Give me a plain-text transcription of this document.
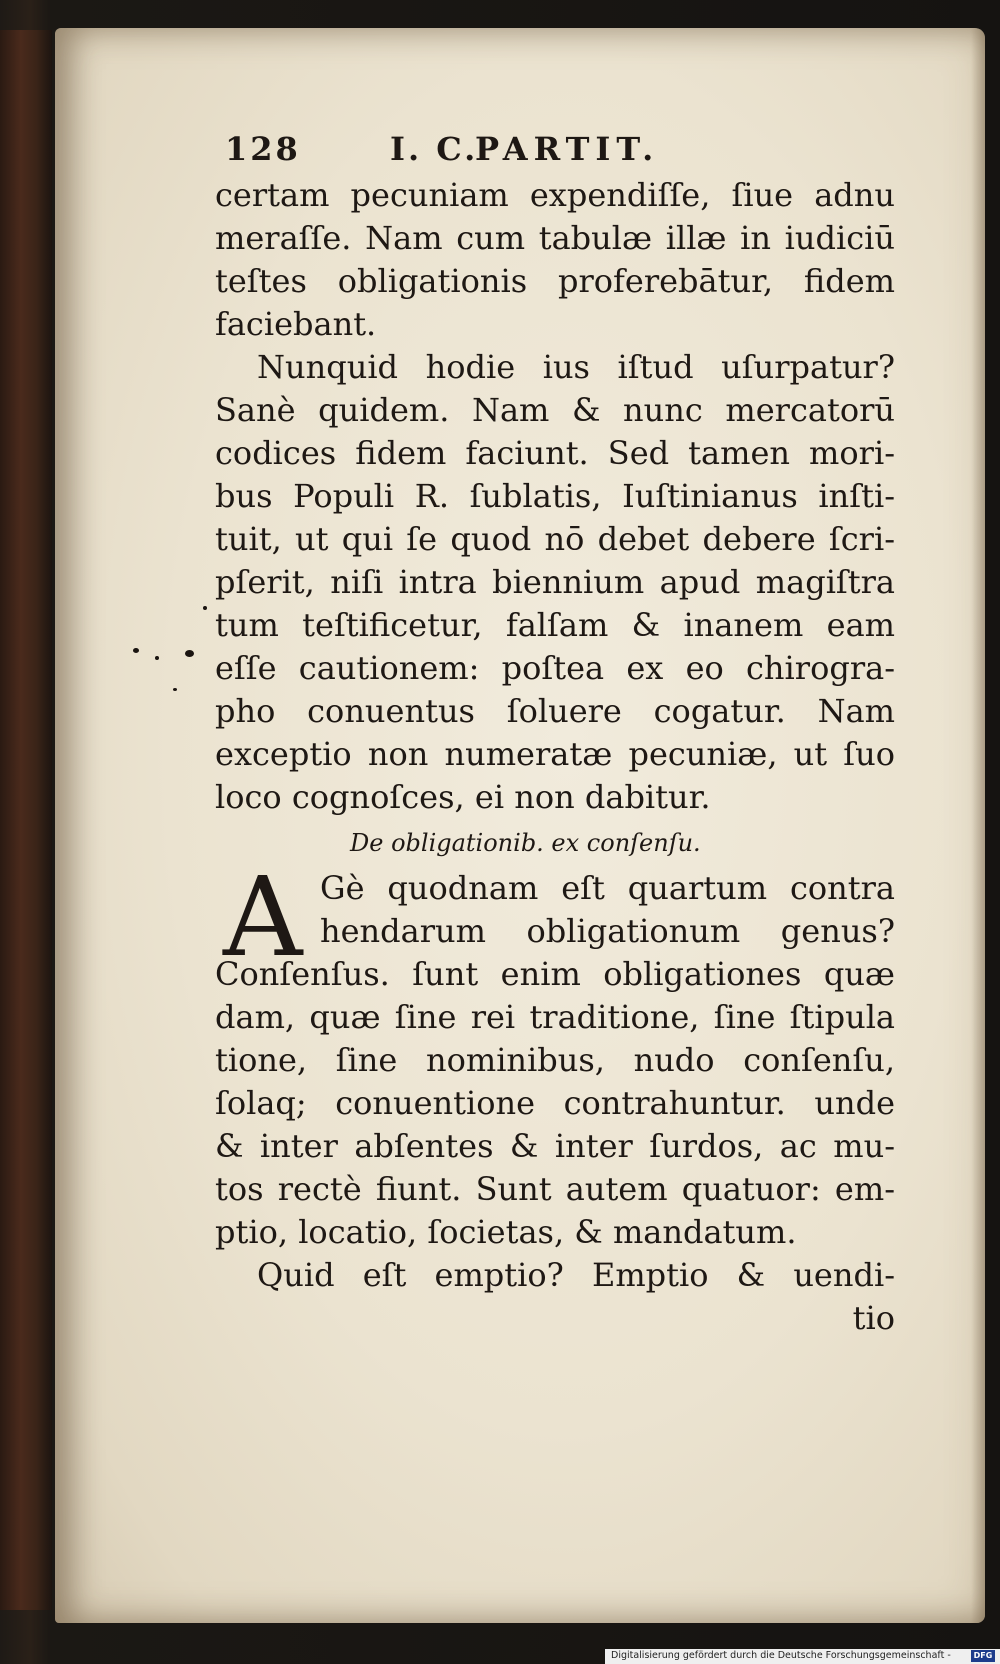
128	I. C.
PARTIT.
certam pecuniam expendiſſe, ſiue adnu
meraſſe. Nam cum tabulæ illæ in iudiciū
teſtes obligationis proferebātur, fidem
faciebant.
Nunquid hodie ius iſtud uſurpatur?
Sanè quidem. Nam & nunc mercatorū
codices fidem faciunt. Sed tamen mori-
bus Populi R. ſublatis, Iuſtinianus inſti-
tuit, ut qui ſe quod nō debet debere ſcri-
pſerit, niſi intra biennium apud magiſtra
tum teſtificetur, falſam & inanem eam
eſſe cautionem: poſtea ex eo chirogra-
pho conuentus ſoluere cogatur. Nam
exceptio non numeratæ pecuniæ, ut ſuo
loco cognoſces, ei non dabitur.
De obligationib. ex conſenſu.
A Gè quodnam eſt quartum contra
hendarum obligationum genus?
Conſenſus. ſunt enim obligationes quæ
dam, quæ ſine rei traditione, ſine ſtipula
tione, ſine nominibus, nudo conſenſu,
ſolaq; conuentione contrahuntur. unde
& inter abſentes & inter ſurdos, ac mu-
tos rectè fiunt. Sunt autem quatuor: em-
ptio, locatio, ſocietas, & mandatum.
Quid eſt emptio? Emptio & uendi-
tio
Digitalisierung gefördert durch die Deutsche Forschungsgemeinschaft -	DFG
